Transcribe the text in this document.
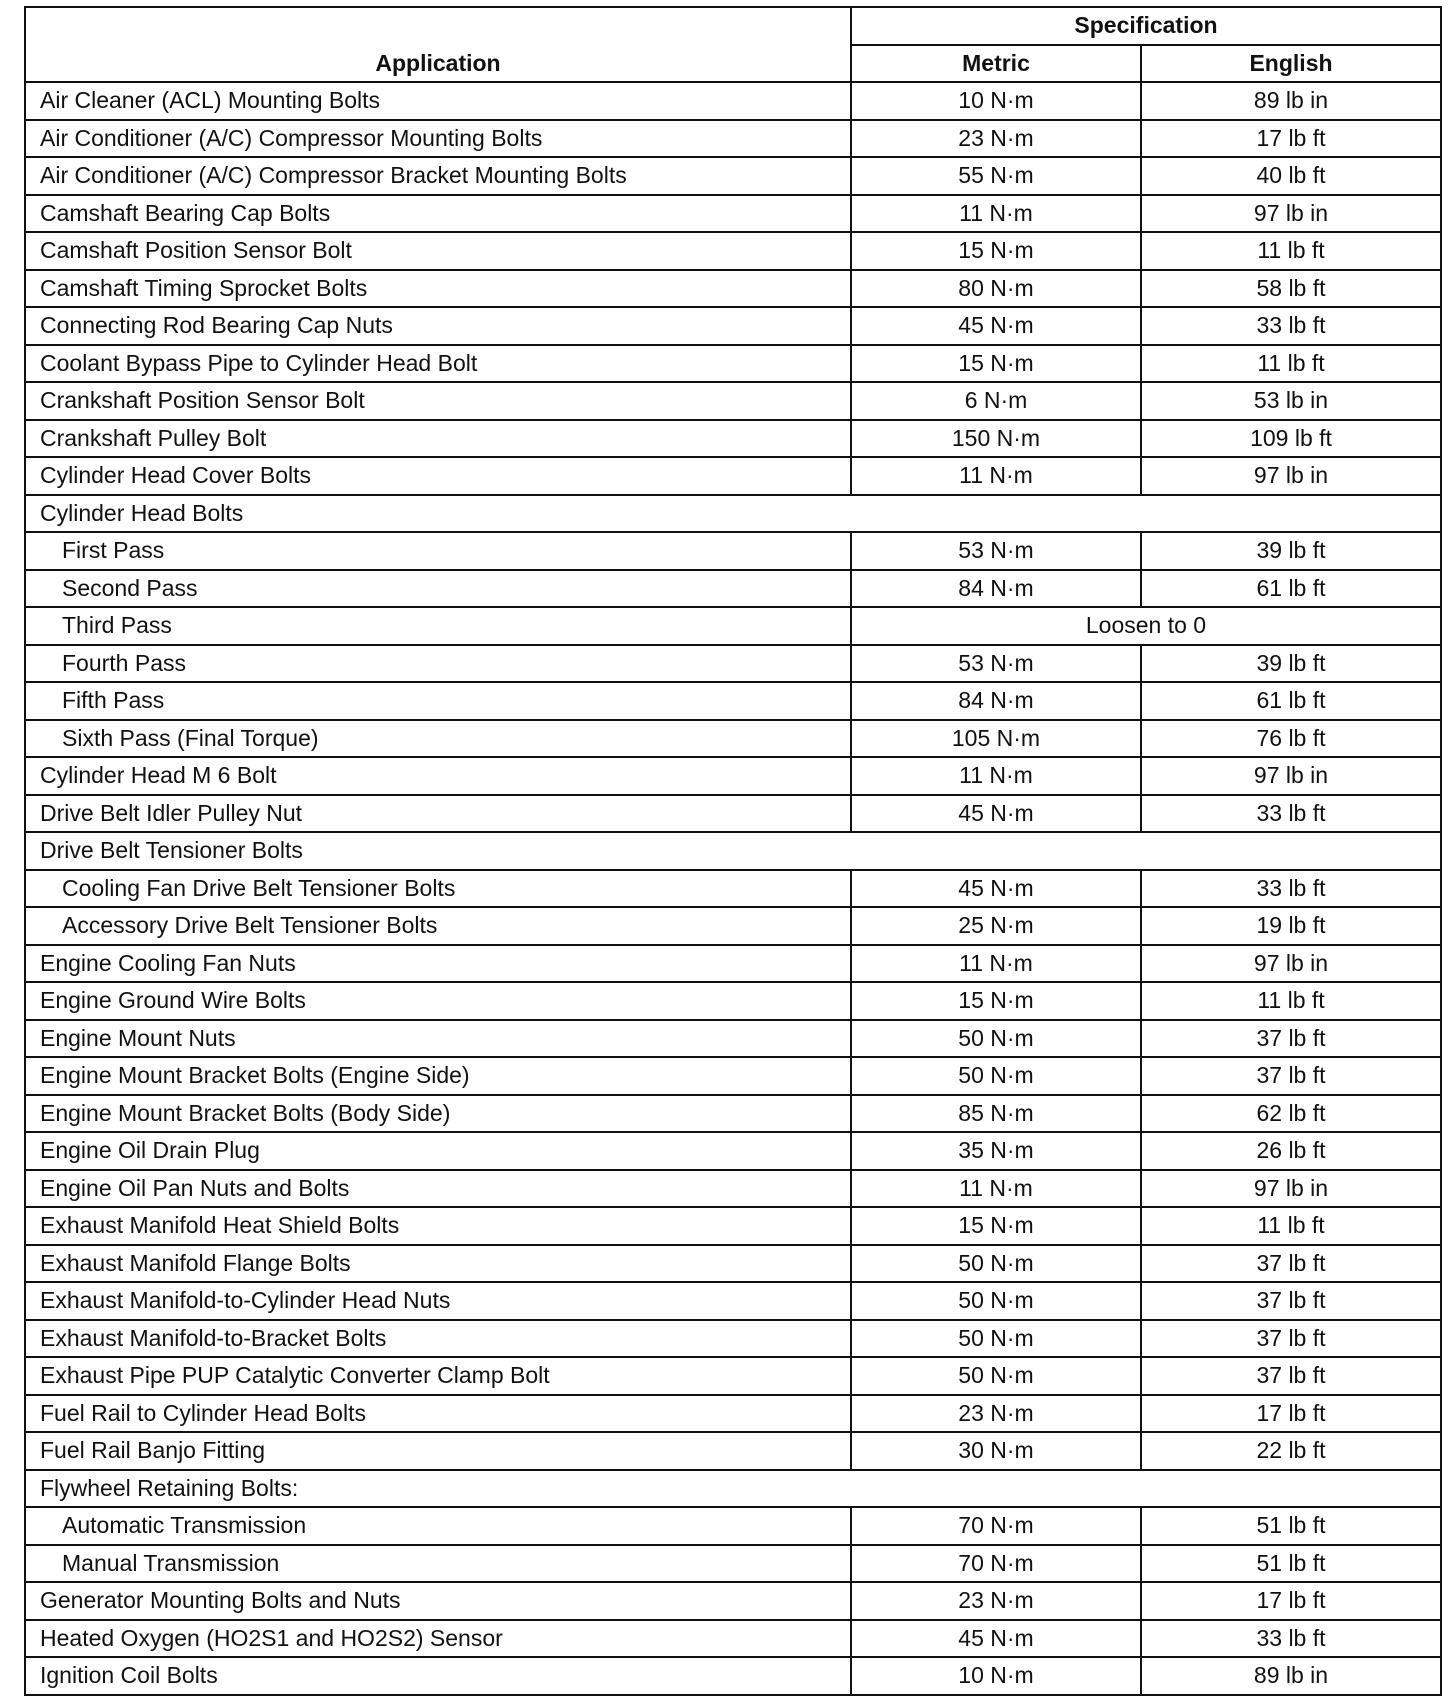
Application	Specification	
	Metric	English
Air Cleaner (ACL) Mounting Bolts	10 N·m	89 lb in
Air Conditioner (A/C) Compressor Mounting Bolts	23 N·m	17 lb ft
Air Conditioner (A/C) Compressor Bracket Mounting Bolts	55 N·m	40 lb ft
Camshaft Bearing Cap Bolts	11 N·m	97 lb in
Camshaft Position Sensor Bolt	15 N·m	11 lb ft
Camshaft Timing Sprocket Bolts	80 N·m	58 lb ft
Connecting Rod Bearing Cap Nuts	45 N·m	33 lb ft
Coolant Bypass Pipe to Cylinder Head Bolt	15 N·m	11 lb ft
Crankshaft Position Sensor Bolt	6 N·m	53 lb in
Crankshaft Pulley Bolt	150 N·m	109 lb ft
Cylinder Head Cover Bolts	11 N·m	97 lb in
Cylinder Head Bolts		
First Pass	53 N·m	39 lb ft
Second Pass	84 N·m	61 lb ft
Third Pass	Loosen to 0	
Fourth Pass	53 N·m	39 lb ft
Fifth Pass	84 N·m	61 lb ft
Sixth Pass (Final Torque)	105 N·m	76 lb ft
Cylinder Head M 6 Bolt	11 N·m	97 lb in
Drive Belt Idler Pulley Nut	45 N·m	33 lb ft
Drive Belt Tensioner Bolts		
Cooling Fan Drive Belt Tensioner Bolts	45 N·m	33 lb ft
Accessory Drive Belt Tensioner Bolts	25 N·m	19 lb ft
Engine Cooling Fan Nuts	11 N·m	97 lb in
Engine Ground Wire Bolts	15 N·m	11 lb ft
Engine Mount Nuts	50 N·m	37 lb ft
Engine Mount Bracket Bolts (Engine Side)	50 N·m	37 lb ft
Engine Mount Bracket Bolts (Body Side)	85 N·m	62 lb ft
Engine Oil Drain Plug	35 N·m	26 lb ft
Engine Oil Pan Nuts and Bolts	11 N·m	97 lb in
Exhaust Manifold Heat Shield Bolts	15 N·m	11 lb ft
Exhaust Manifold Flange Bolts	50 N·m	37 lb ft
Exhaust Manifold-to-Cylinder Head Nuts	50 N·m	37 lb ft
Exhaust Manifold-to-Bracket Bolts	50 N·m	37 lb ft
Exhaust Pipe PUP Catalytic Converter Clamp Bolt	50 N·m	37 lb ft
Fuel Rail to Cylinder Head Bolts	23 N·m	17 lb ft
Fuel Rail Banjo Fitting	30 N·m	22 lb ft
Flywheel Retaining Bolts:		
Automatic Transmission	70 N·m	51 lb ft
Manual Transmission	70 N·m	51 lb ft
Generator Mounting Bolts and Nuts	23 N·m	17 lb ft
Heated Oxygen (HO2S1 and HO2S2) Sensor	45 N·m	33 lb ft
Ignition Coil Bolts	10 N·m	89 lb in
